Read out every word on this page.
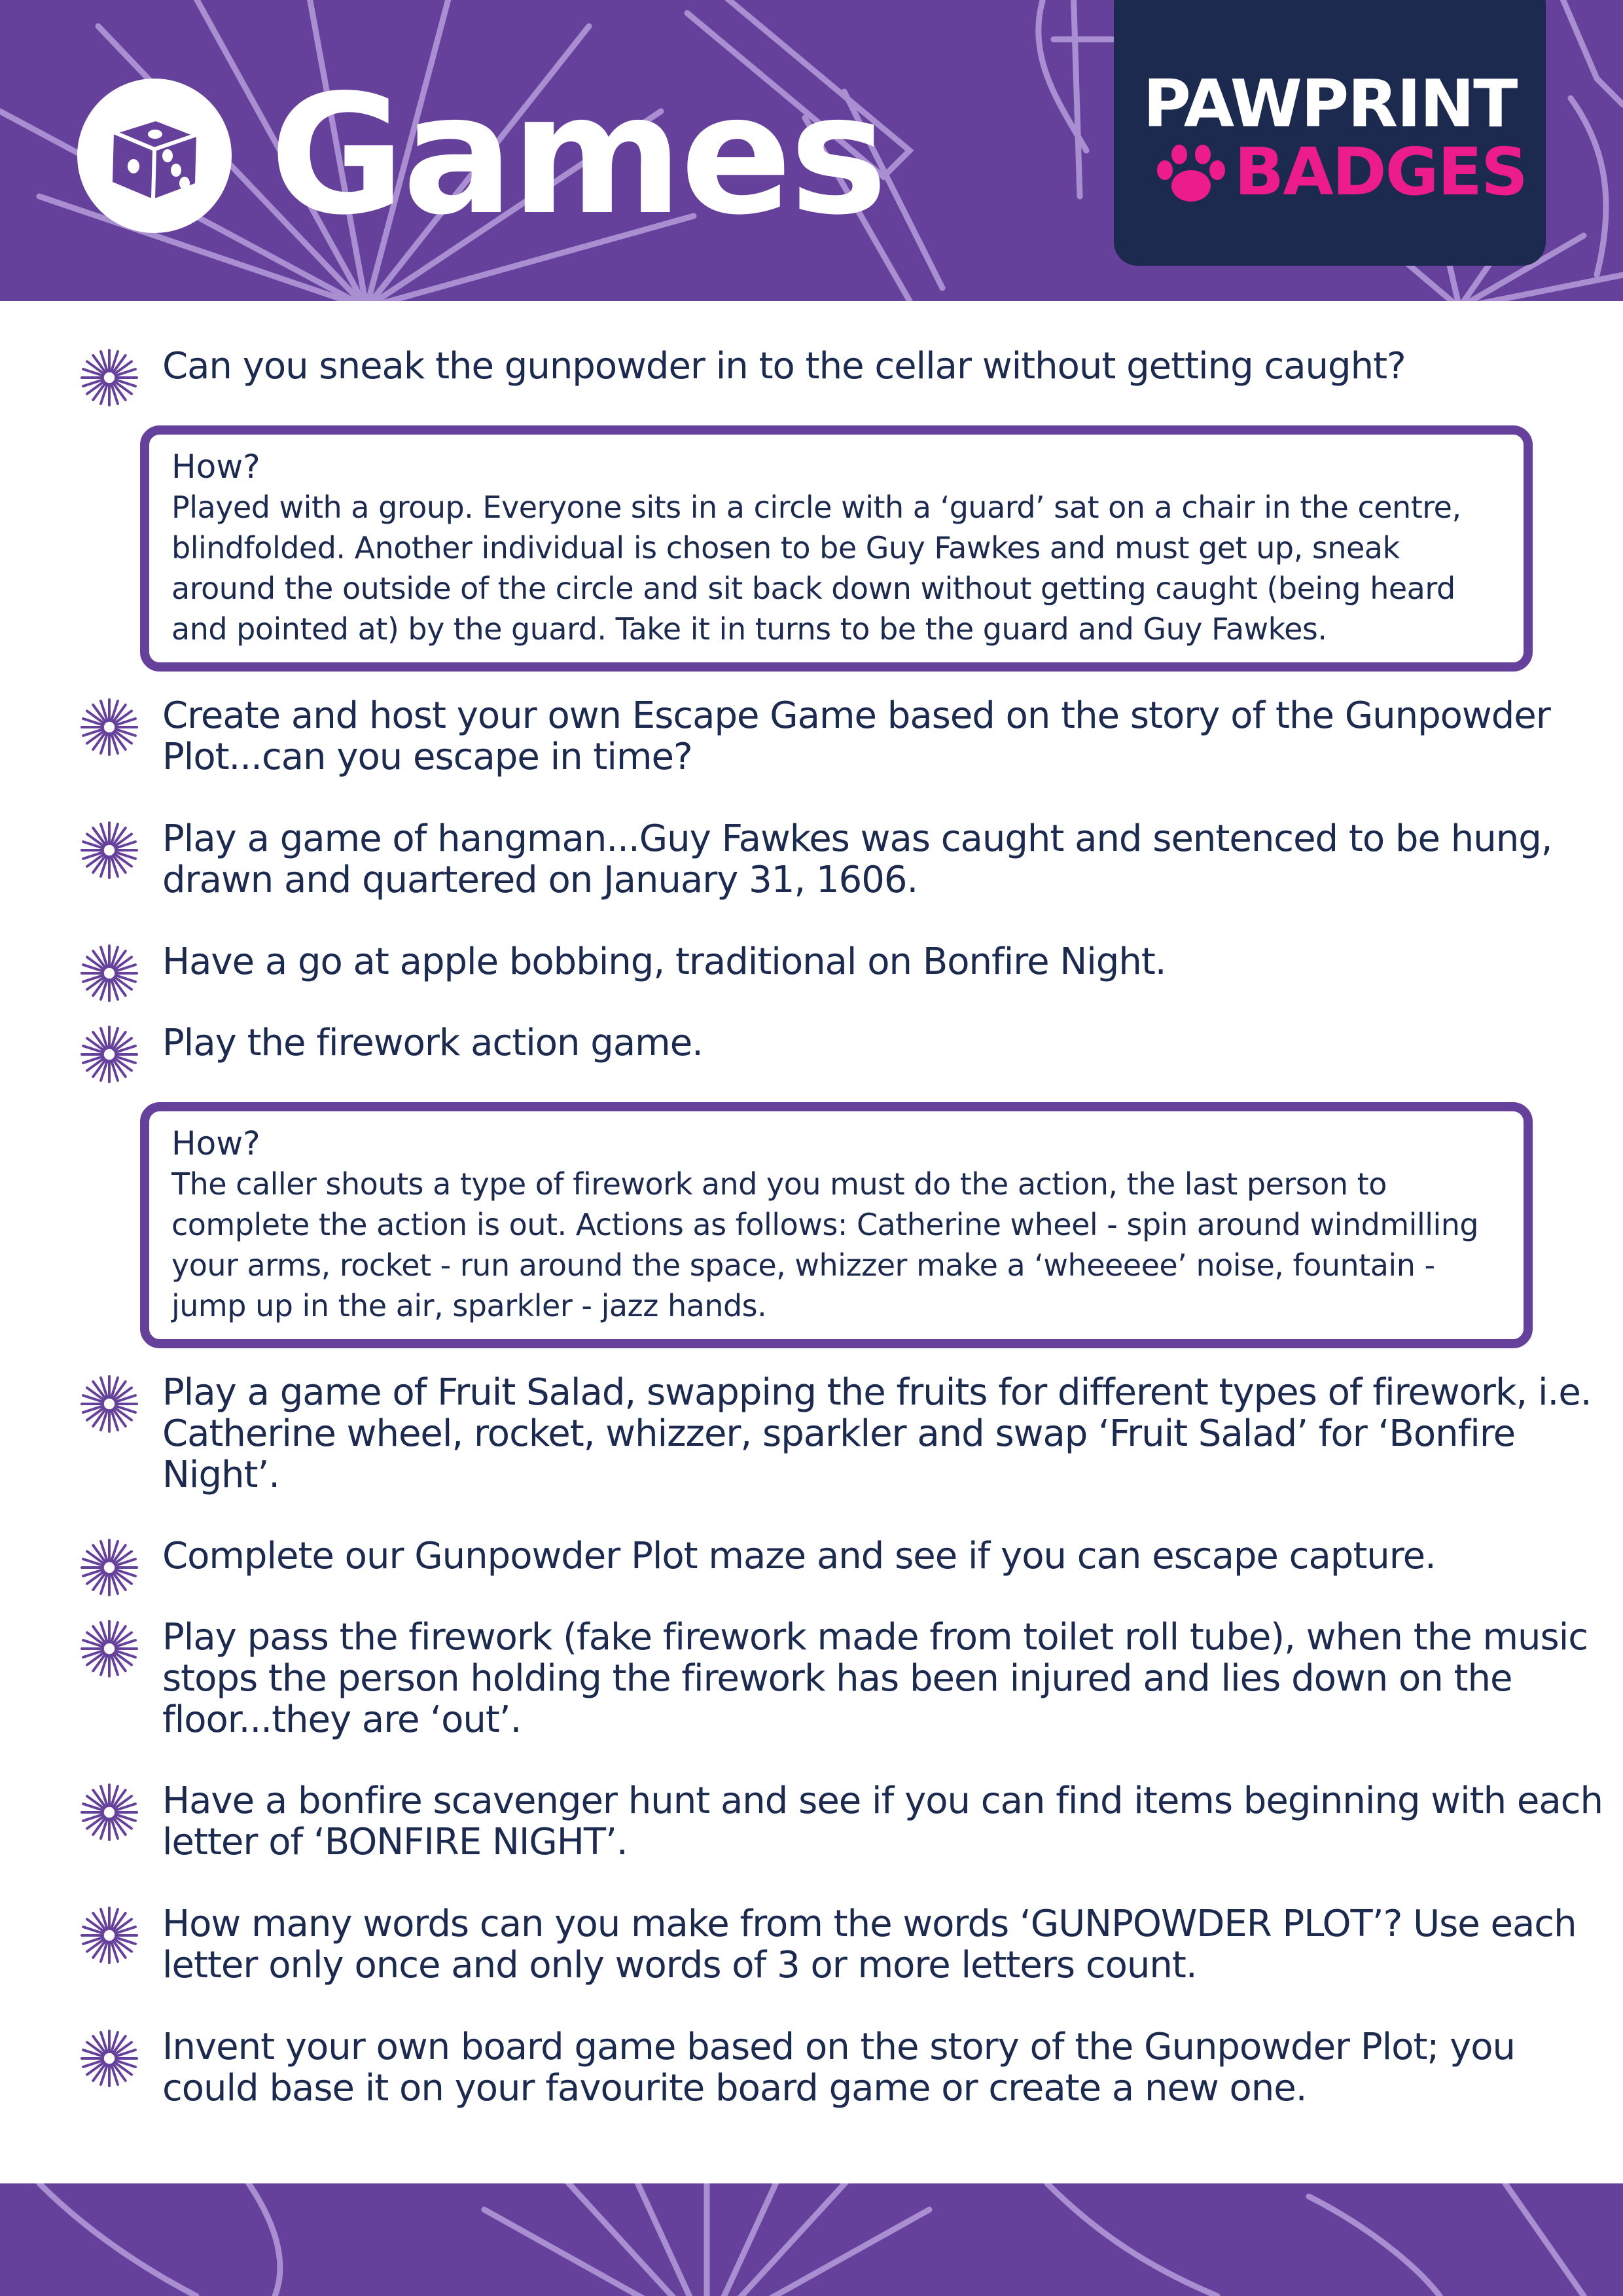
Games	PAWPRINT
BADGES
Can you sneak the gunpowder in to the cellar without getting caught?
How?
Played with a group. Everyone sits in a circle with a ‘guard’ sat on a chair in the centre, blindfolded. Another individual is chosen to be Guy Fawkes and must get up, sneak around the outside of the circle and sit back down without getting caught (being heard and pointed at) by the guard. Take it in turns to be the guard and Guy Fawkes.
Create and host your own Escape Game based on the story of the Gunpowder Plot...can you escape in time?
Play a game of hangman...Guy Fawkes was caught and sentenced to be hung, drawn and quartered on January 31, 1606.
Have a go at apple bobbing, traditional on Bonfire Night.
Play the firework action game.
How?
The caller shouts a type of firework and you must do the action, the last person to complete the action is out. Actions as follows: Catherine wheel - spin around windmilling your arms, rocket - run around the space, whizzer make a ‘wheeeee’ noise, fountain - jump up in the air, sparkler - jazz hands.
Play a game of Fruit Salad, swapping the fruits for different types of firework, i.e. Catherine wheel, rocket, whizzer, sparkler and swap ‘Fruit Salad’ for ‘Bonfire Night’.
Complete our Gunpowder Plot maze and see if you can escape capture.
Play pass the firework (fake firework made from toilet roll tube), when the music stops the person holding the firework has been injured and lies down on the floor...they are ‘out’.
Have a bonfire scavenger hunt and see if you can find items beginning with each letter of ‘BONFIRE NIGHT’.
How many words can you make from the words ‘GUNPOWDER PLOT’? Use each letter only once and only words of 3 or more letters count.
Invent your own board game based on the story of the Gunpowder Plot; you could base it on your favourite board game or create a new one.
